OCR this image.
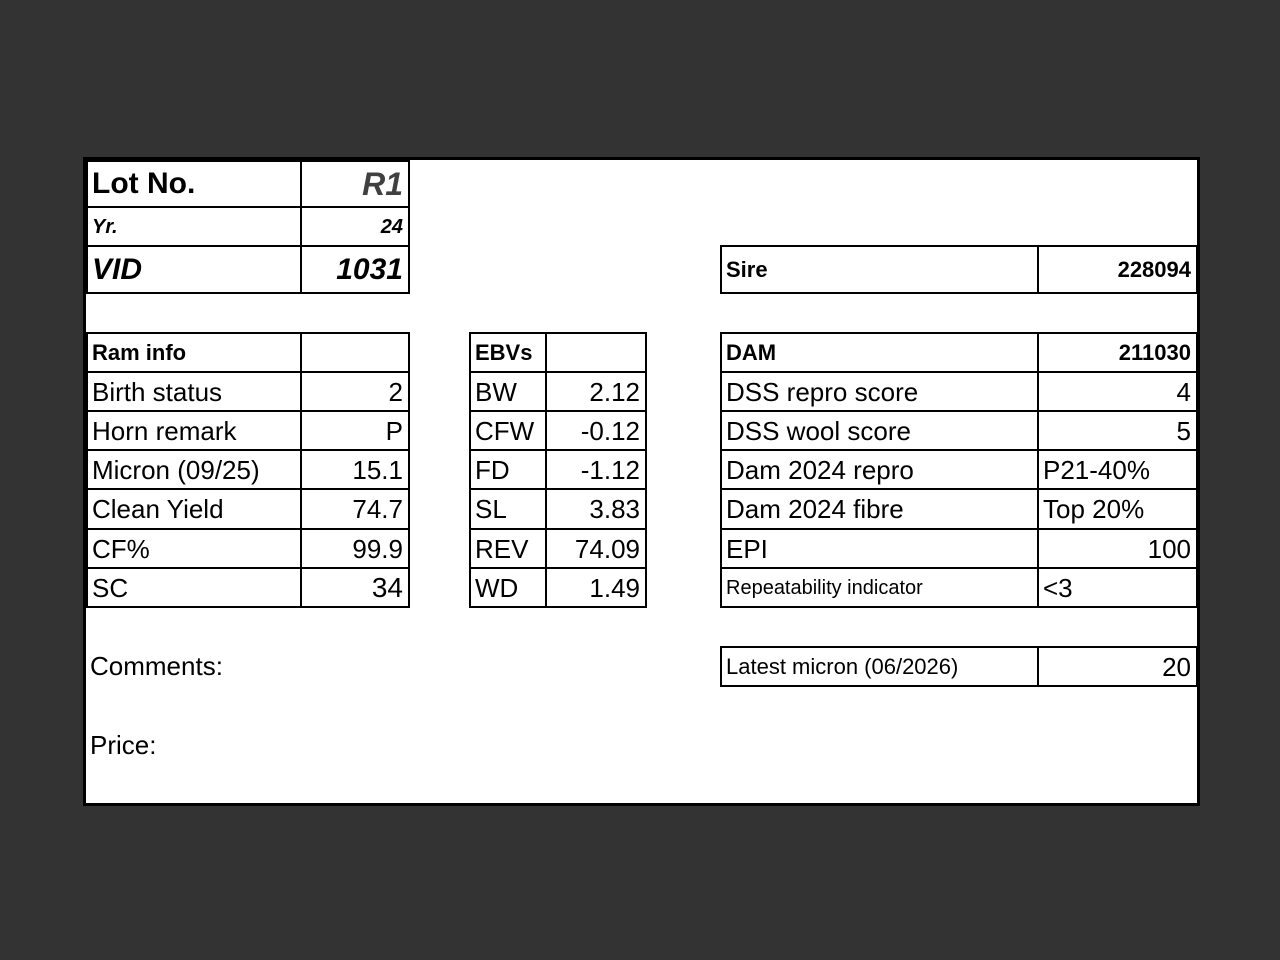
Lot No.	R1
Yr.	24
VID	1031	Sire	228094
Ram info
Birth status	2
Horn remark	P
Micron (09/25)	15.1
Clean Yield	74.7
CF%	99.9
SC	34
EBVs
BW	2.12
CFW	-0.12
FD	-1.12
SL	3.83
REV	74.09
WD	1.49
DAM	211030
DSS repro score	4
DSS wool score	5
Dam 2024 repro	P21-40%
Dam 2024 fibre	Top 20%
EPI	100
Repeatability indicator	<3
Latest micron (06/2026)	20
Comments:
Price:
